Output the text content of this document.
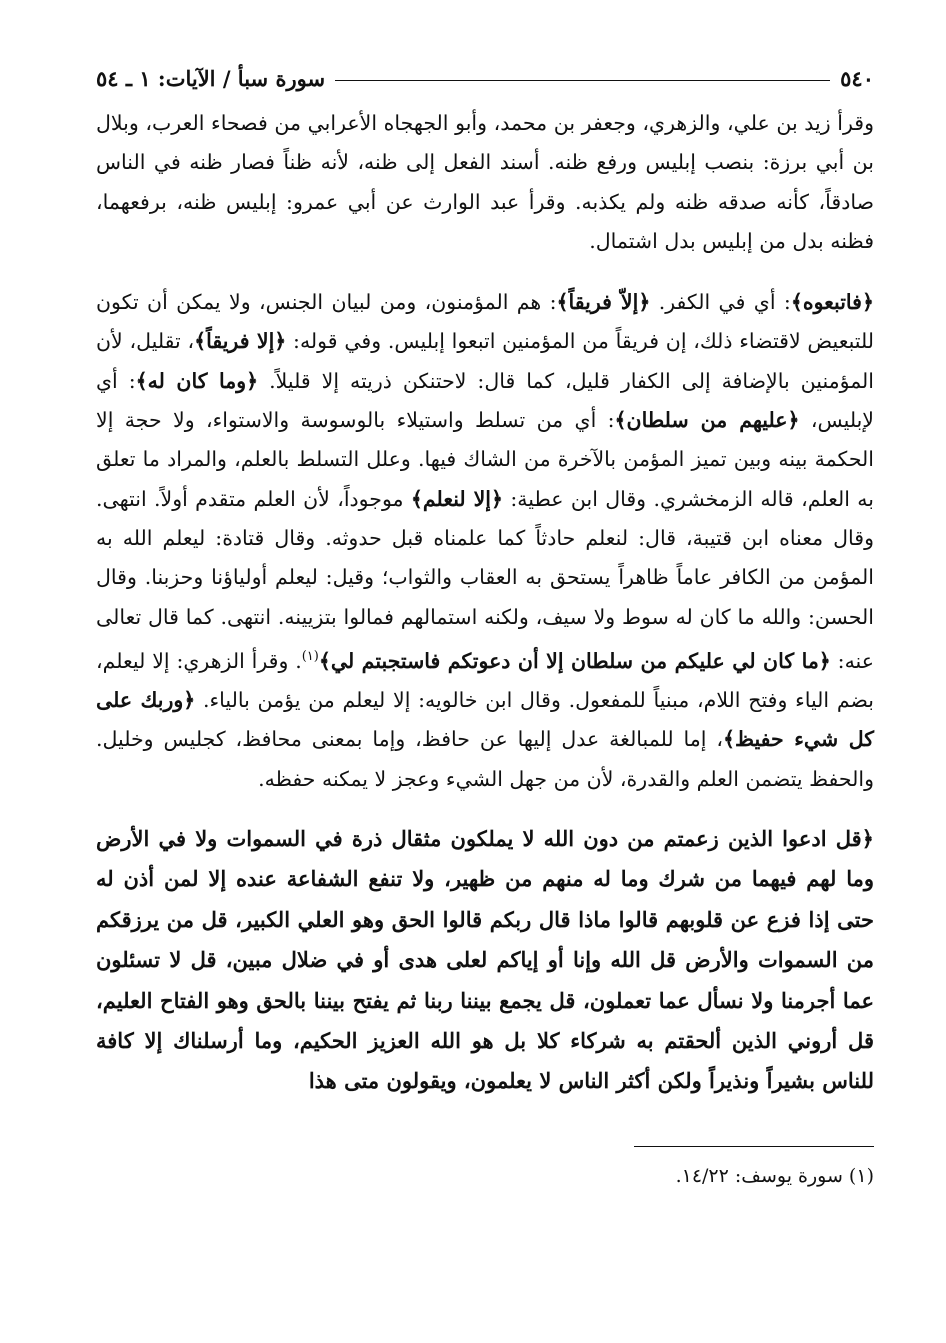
٥٤٠
سورة سبأ / الآيات: ١ ـ ٥٤

وقرأ زيد بن علي، والزهري، وجعفر بن محمد، وأبو الجهجاه الأعرابي من فصحاء العرب، وبلال بن أبي برزة: بنصب إبليس ورفع ظنه. أسند الفعل إلى ظنه، لأنه ظناً فصار ظنه في الناس صادقاً، كأنه صدقه ظنه ولم يكذبه. وقرأ عبد الوارث عن أبي عمرو: إبليس ظنه، برفعهما، فظنه بدل من إبليس بدل اشتمال.

﴿فاتبعوه﴾: أي في الكفر. ﴿إلاّ فريقاً﴾: هم المؤمنون، ومن لبيان الجنس، ولا يمكن أن تكون للتبعيض لاقتضاء ذلك، إن فريقاً من المؤمنين اتبعوا إبليس. وفي قوله: ﴿إلا فريقاً﴾، تقليل، لأن المؤمنين بالإضافة إلى الكفار قليل، كما قال: لاحتنكن ذريته إلا قليلاً. ﴿وما كان له﴾: أي لإبليس، ﴿عليهم من سلطان﴾: أي من تسلط واستيلاء بالوسوسة والاستواء، ولا حجة إلا الحكمة بينه وبين تميز المؤمن بالآخرة من الشاك فيها. وعلل التسلط بالعلم، والمراد ما تعلق به العلم، قاله الزمخشري. وقال ابن عطية: ﴿إلا لنعلم﴾ موجوداً، لأن العلم متقدم أولاً. انتهى. وقال معناه ابن قتيبة، قال: لنعلم حادثاً كما علمناه قبل حدوثه. وقال قتادة: ليعلم الله به المؤمن من الكافر عاماً ظاهراً يستحق به العقاب والثواب؛ وقيل: ليعلم أولياؤنا وحزبنا. وقال الحسن: والله ما كان له سوط ولا سيف، ولكنه استمالهم فمالوا بتزيينه. انتهى. كما قال تعالى عنه: ﴿ما كان لي عليكم من سلطان إلا أن دعوتكم فاستجبتم لي﴾$^{(١)}$. وقرأ الزهري: إلا ليعلم، بضم الياء وفتح اللام، مبنياً للمفعول. وقال ابن خالويه: إلا ليعلم من يؤمن بالياء. ﴿وربك على كل شيء حفيظ﴾، إما للمبالغة عدل إليها عن حافظ، وإما بمعنى محافظ، كجليس وخليل. والحفظ يتضمن العلم والقدرة، لأن من جهل الشيء وعجز لا يمكنه حفظه.

﴿قل ادعوا الذين زعمتم من دون الله لا يملكون مثقال ذرة في السموات ولا في الأرض وما لهم فيهما من شرك وما له منهم من ظهير، ولا تنفع الشفاعة عنده إلا لمن أذن له حتى إذا فزع عن قلوبهم قالوا ماذا قال ربكم قالوا الحق وهو العلي الكبير، قل من يرزقكم من السموات والأرض قل الله وإنا أو إياكم لعلى هدى أو في ضلال مبين، قل لا تسئلون عما أجرمنا ولا نسأل عما تعملون، قل يجمع بيننا ربنا ثم يفتح بيننا بالحق وهو الفتاح العليم، قل أروني الذين ألحقتم به شركاء كلا بل هو الله العزيز الحكيم، وما أرسلناك إلا كافة للناس بشيراً ونذيراً ولكن أكثر الناس لا يعلمون، ويقولون متى هذا

(١) سورة يوسف: ١٤/٢٢.
